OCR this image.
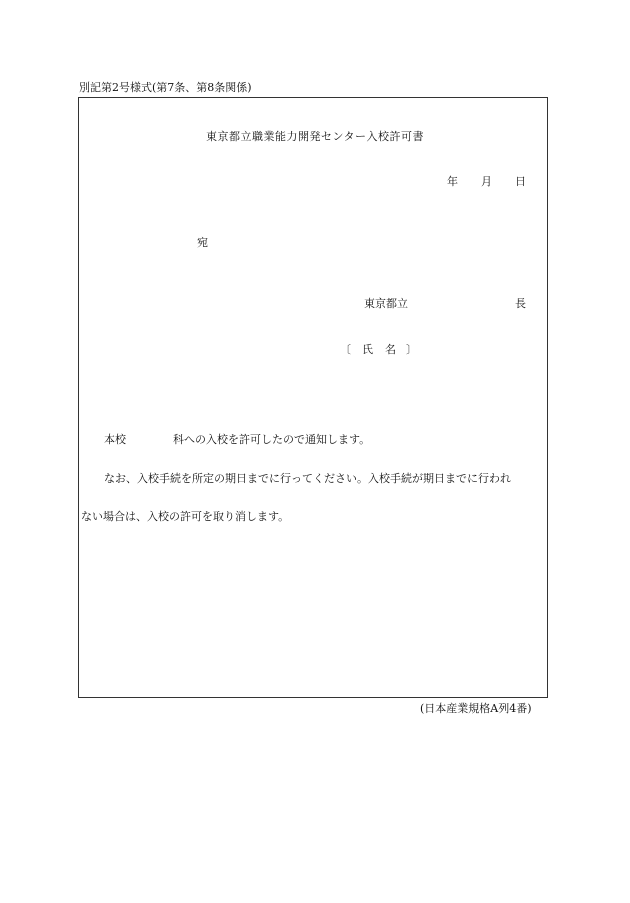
別記第2号様式(第7条、第8条関係)
東京都立職業能力開発センター入校許可書
年 月 日
宛
東京都立	長
〔 氏 名 〕
本校	科への入校を許可したので通知します。
なお、入校手続を所定の期日までに行ってください。入校手続が期日までに行われ
ない場合は、入校の許可を取り消します。
(日本産業規格A列4番)
